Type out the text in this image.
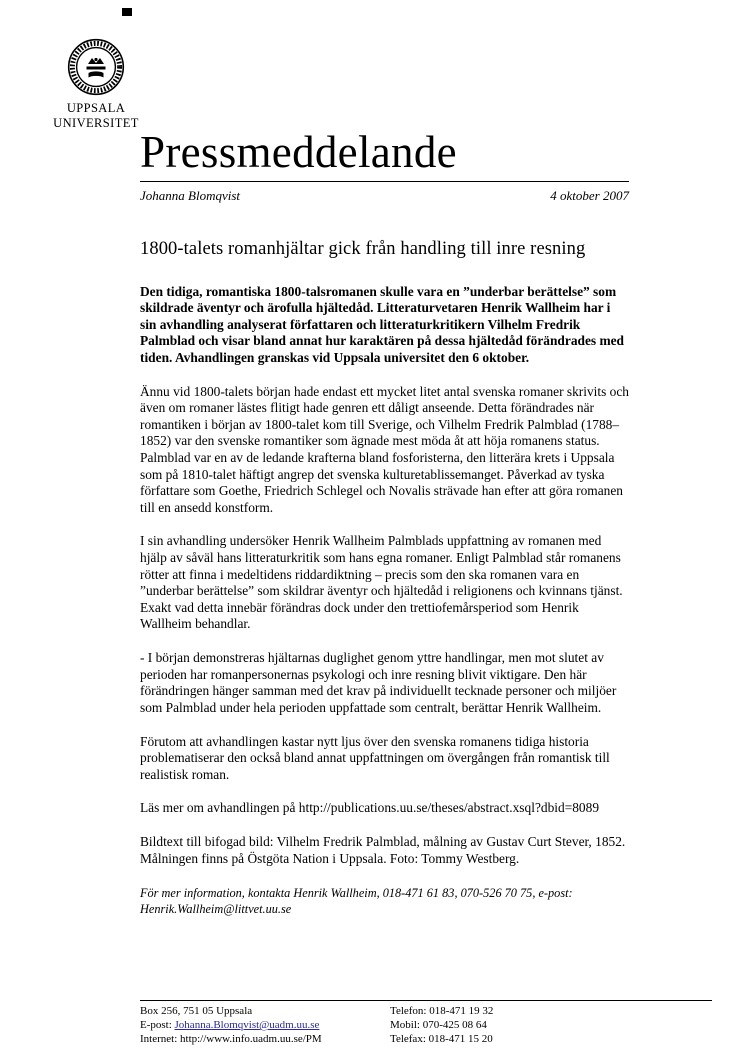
UPPSALA
UNIVERSITET
Pressmeddelande
Johanna Blomqvist	4 oktober 2007
1800-talets romanhjältar gick från handling till inre resning

Den tidiga, romantiska 1800-talsromanen skulle vara en ”underbar berättelse” som skildrade äventyr och ärofulla hjältedåd. Litteraturvetaren Henrik Wallheim har i sin avhandling analyserat författaren och litteraturkritikern Vilhelm Fredrik Palmblad och visar bland annat hur karaktären på dessa hjältedåd förändrades med tiden. Avhandlingen granskas vid Uppsala universitet den 6 oktober.

Ännu vid 1800-talets början hade endast ett mycket litet antal svenska romaner skrivits och även om romaner lästes flitigt hade genren ett dåligt anseende. Detta förändrades när romantiken i början av 1800-talet kom till Sverige, och Vilhelm Fredrik Palmblad (1788–1852) var den svenske romantiker som ägnade mest möda åt att höja romanens status. Palmblad var en av de ledande krafterna bland fosforisterna, den litterära krets i Uppsala som på 1810-talet häftigt angrep det svenska kulturetablissemanget. Påverkad av tyska författare som Goethe, Friedrich Schlegel och Novalis strävade han efter att göra romanen till en ansedd konstform.

I sin avhandling undersöker Henrik Wallheim Palmblads uppfattning av romanen med hjälp av såväl hans litteraturkritik som hans egna romaner. Enligt Palmblad står romanens rötter att finna i medeltidens riddardiktning – precis som den ska romanen vara en ”underbar berättelse” som skildrar äventyr och hjältedåd i religionens och kvinnans tjänst. Exakt vad detta innebär förändras dock under den trettiofemårsperiod som Henrik Wallheim behandlar.

- I början demonstreras hjältarnas duglighet genom yttre handlingar, men mot slutet av perioden har romanpersonernas psykologi och inre resning blivit viktigare. Den här förändringen hänger samman med det krav på individuellt tecknade personer och miljöer som Palmblad under hela perioden uppfattade som centralt, berättar Henrik Wallheim.

Förutom att avhandlingen kastar nytt ljus över den svenska romanens tidiga historia problematiserar den också bland annat uppfattningen om övergången från romantisk till realistisk roman.

Läs mer om avhandlingen på http://publications.uu.se/theses/abstract.xsql?dbid=8089

Bildtext till bifogad bild: Vilhelm Fredrik Palmblad, målning av Gustav Curt Stever, 1852. Målningen finns på Östgöta Nation i Uppsala. Foto: Tommy Westberg.

För mer information, kontakta Henrik Wallheim, 018-471 61 83, 070-526 70 75, e-post: Henrik.Wallheim@littvet.uu.se

Box 256, 751 05 Uppsala
E-post: Johanna.Blomqvist@uadm.uu.se
Internet: http://www.info.uadm.uu.se/PM
Telefon: 018-471 19 32
Mobil: 070-425 08 64
Telefax: 018-471 15 20
